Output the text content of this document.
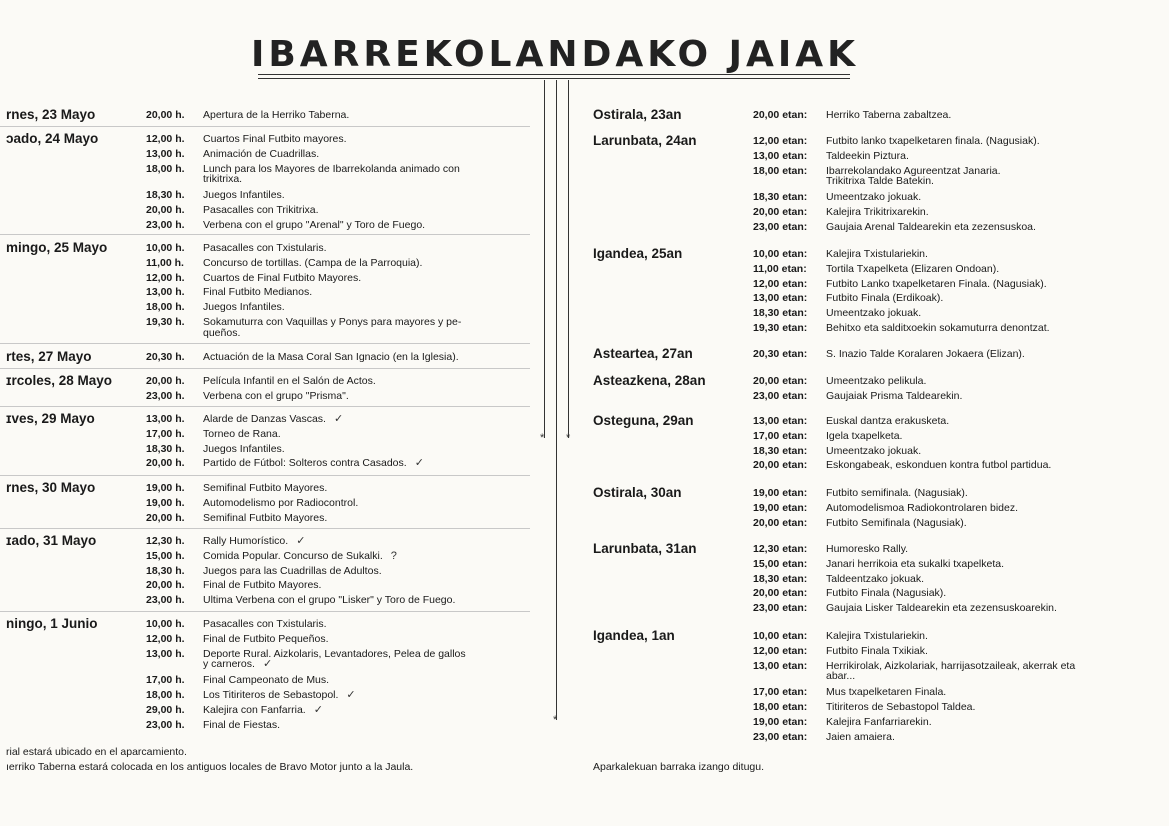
IBARREKOLANDAKO JAIAK
* *
*
rnes, 23 Mayo	20,00 h. Apertura de la Herriko Taberna.
ɔado, 24 Mayo	12,00 h. Cuartos Final Futbito mayores.
13,00 h. Animación de Cuadrillas.
18,00 h. Lunch para los Mayores de Ibarrekolanda animado con
trikitrixa.
18,30 h. Juegos Infantiles.
20,00 h. Pasacalles con Trikitrixa.
23,00 h. Verbena con el grupo "Arenal" y Toro de Fuego.
mingo, 25 Mayo	10,00 h. Pasacalles con Txistularis.
11,00 h. Concurso de tortillas. (Campa de la Parroquia).
12,00 h. Cuartos de Final Futbito Mayores.
13,00 h. Final Futbito Medianos.
18,00 h. Juegos Infantiles.
19,30 h. Sokamuturra con Vaquillas y Ponys para mayores y pe-
queños.
rtes, 27 Mayo	20,30 h. Actuación de la Masa Coral San Ignacio (en la Iglesia).
ɪrcoles, 28 Mayo	20,00 h. Película Infantil en el Salón de Actos.
23,00 h. Verbena con el grupo "Prisma".
ɪves, 29 Mayo	13,00 h. Alarde de Danzas Vascas. ✓
17,00 h. Torneo de Rana.
18,30 h. Juegos Infantiles.
20,00 h. Partido de Fútbol: Solteros contra Casados. ✓
rnes, 30 Mayo	19,00 h. Semifinal Futbito Mayores.
19,00 h. Automodelismo por Radiocontrol.
20,00 h. Semifinal Futbito Mayores.
ɪado, 31 Mayo	12,30 h. Rally Humorístico. ✓
15,00 h. Comida Popular. Concurso de Sukalki. ?
18,30 h. Juegos para las Cuadrillas de Adultos.
20,00 h. Final de Futbito Mayores.
23,00 h. Ultima Verbena con el grupo "Lisker" y Toro de Fuego.
ningo, 1 Junio	10,00 h. Pasacalles con Txistularis.
12,00 h. Final de Futbito Pequeños.
13,00 h. Deporte Rural. Aizkolaris, Levantadores, Pelea de gallos
y carneros. ✓
17,00 h. Final Campeonato de Mus.
18,00 h. Los Titiriteros de Sebastopol. ✓
29,00 h. Kalejira con Fanfarria. ✓
23,00 h. Final de Fiestas.
Ostirala, 23an	20,00 etan: Herriko Taberna zabaltzea.
Larunbata, 24an	12,00 etan: Futbito lanko txapelketaren finala. (Nagusiak).
13,00 etan: Taldeekin Piztura.
18,00 etan: Ibarrekolandako Agureentzat Janaria.
Trikitrixa Talde Batekin.
18,30 etan: Umeentzako jokuak.
20,00 etan: Kalejira Trikitrixarekin.
23,00 etan: Gaujaia Arenal Taldearekin eta zezensuskoa.
Igandea, 25an	10,00 etan: Kalejira Txistulariekin.
11,00 etan: Tortila Txapelketa (Elizaren Ondoan).
12,00 etan: Futbito Lanko txapelketaren Finala. (Nagusiak).
13,00 etan: Futbito Finala (Erdikoak).
18,30 etan: Umeentzako jokuak.
19,30 etan: Behitxo eta salditxoekin sokamuturra denontzat.
Asteartea, 27an	20,30 etan: S. Inazio Talde Koralaren Jokaera (Elizan).
Asteazkena, 28an	20,00 etan: Umeentzako pelikula.
23,00 etan: Gaujaiak Prisma Taldearekin.
Osteguna, 29an	13,00 etan: Euskal dantza erakusketa.
17,00 etan: Igela txapelketa.
18,30 etan: Umeentzako jokuak.
20,00 etan: Eskongabeak, eskonduen kontra futbol partidua.
Ostirala, 30an	19,00 etan: Futbito semifinala. (Nagusiak).
19,00 etan: Automodelismoa Radiokontrolaren bidez.
20,00 etan: Futbito Semifinala (Nagusiak).
Larunbata, 31an	12,30 etan: Humoresko Rally.
15,00 etan: Janari herrikoia eta sukalki txapelketa.
18,30 etan: Taldeentzako jokuak.
20,00 etan: Futbito Finala (Nagusiak).
23,00 etan: Gaujaia Lisker Taldearekin eta zezensuskoarekin.
Igandea, 1an	10,00 etan: Kalejira Txistulariekin.
12,00 etan: Futbito Finala Txikiak.
13,00 etan: Herrikirolak, Aizkolariak, harrijasotzaileak, akerrak eta
abar...
17,00 etan: Mus txapelketaren Finala.
18,00 etan: Titiriteros de Sebastopol Taldea.
19,00 etan: Kalejira Fanfarriarekin.
23,00 etan: Jaien amaiera.
rial estará ubicado en el aparcamiento.
ıerriko Taberna estará colocada en los antiguos locales de Bravo Motor junto a la Jaula.	Aparkalekuan barraka izango ditugu.
